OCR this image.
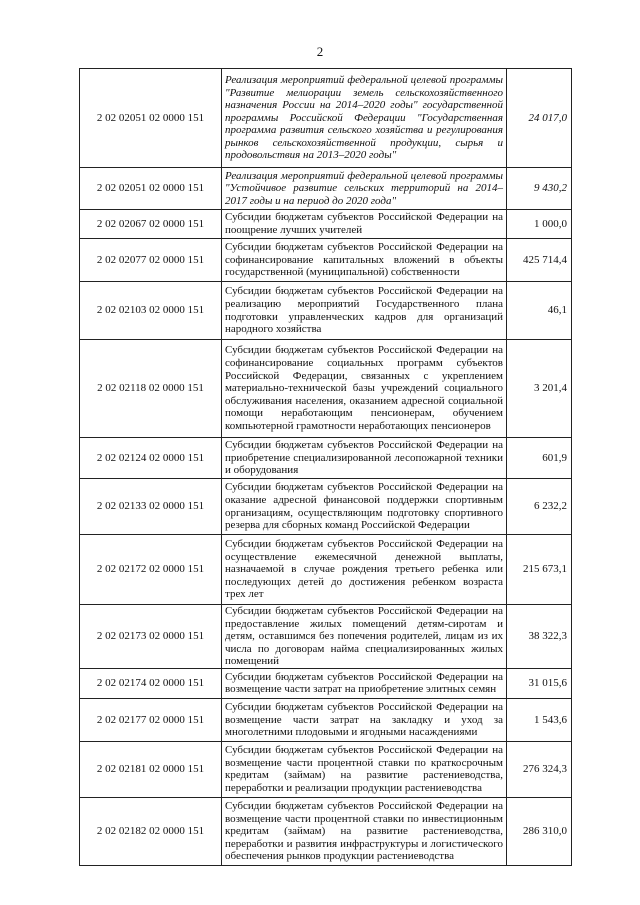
2
2 02 02051 02 0000 151	Реализация мероприятий федеральной целевой программы "Развитие мелиорации земель сельскохозяйственного назначения России на 2014–2020 годы" государственной программы Российской Федерации "Государственная программа развития сельского хозяйства и регулирования рынков сельскохозяйственной продукции, сырья и продовольствия на 2013–2020 годы"	24 017,0
2 02 02051 02 0000 151	Реализация мероприятий федеральной целевой программы "Устойчивое развитие сельских территорий на 2014–2017 годы и на период до 2020 года"	9 430,2
2 02 02067 02 0000 151	Субсидии бюджетам субъектов Российской Федерации на поощрение лучших учителей	1 000,0
2 02 02077 02 0000 151	Субсидии бюджетам субъектов Российской Федерации на софинансирование капитальных вложений в объекты государственной (муниципальной) собственности	425 714,4
2 02 02103 02 0000 151	Субсидии бюджетам субъектов Российской Федерации на реализацию мероприятий Государственного плана подготовки управленческих кадров для организаций народного хозяйства	46,1
2 02 02118 02 0000 151	Субсидии бюджетам субъектов Российской Федерации на софинансирование социальных программ субъектов Российской Федерации, связанных с укреплением материально-технической базы учреждений социального обслуживания населения, оказанием адресной социальной помощи неработающим пенсионерам, обучением компьютерной грамотности неработающих пенсионеров	3 201,4
2 02 02124 02 0000 151	Субсидии бюджетам субъектов Российской Федерации на приобретение специализированной лесопожарной техники и оборудования	601,9
2 02 02133 02 0000 151	Субсидии бюджетам субъектов Российской Федерации на оказание адресной финансовой поддержки спортивным организациям, осуществляющим подготовку спортивного резерва для сборных команд Российской Федерации	6 232,2
2 02 02172 02 0000 151	Субсидии бюджетам субъектов Российской Федерации на осуществление ежемесячной денежной выплаты, назначаемой в случае рождения третьего ребенка или последующих детей до достижения ребенком возраста трех лет	215 673,1
2 02 02173 02 0000 151	Субсидии бюджетам субъектов Российской Федерации на предоставление жилых помещений детям-сиротам и детям, оставшимся без попечения родителей, лицам из их числа по договорам найма специализированных жилых помещений	38 322,3
2 02 02174 02 0000 151	Субсидии бюджетам субъектов Российской Федерации на возмещение части затрат на приобретение элитных семян	31 015,6
2 02 02177 02 0000 151	Субсидии бюджетам субъектов Российской Федерации на возмещение части затрат на закладку и уход за многолетними плодовыми и ягодными насаждениями	1 543,6
2 02 02181 02 0000 151	Субсидии бюджетам субъектов Российской Федерации на возмещение части процентной ставки по краткосрочным кредитам (займам) на развитие растениеводства, переработки и реализации продукции растениеводства	276 324,3
2 02 02182 02 0000 151	Субсидии бюджетам субъектов Российской Федерации на возмещение части процентной ставки по инвестиционным кредитам (займам) на развитие растениеводства, переработки и развития инфраструктуры и логистического обеспечения рынков продукции растениеводства	286 310,0
